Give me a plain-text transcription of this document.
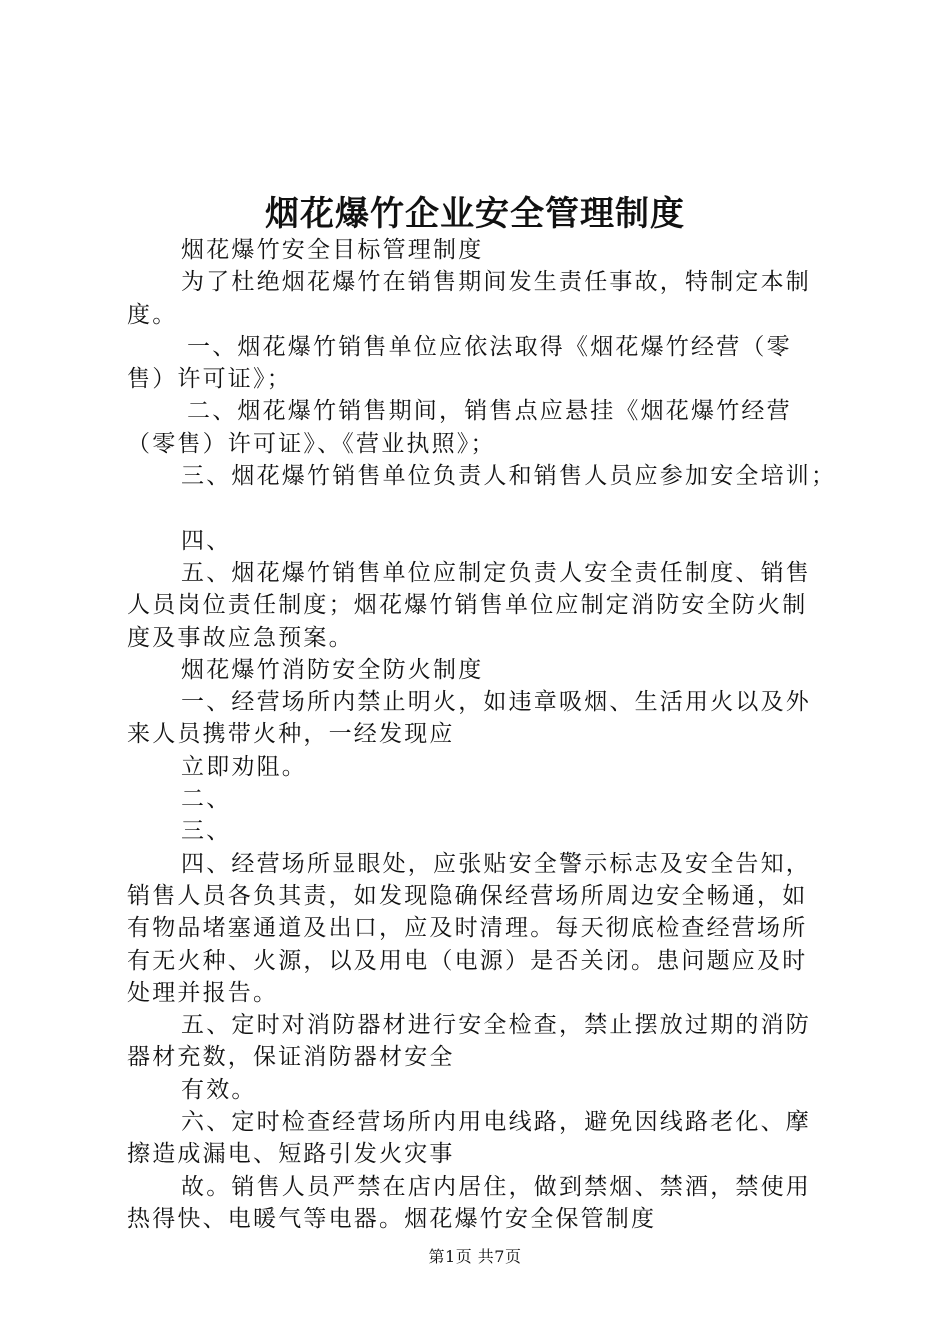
烟花爆竹企业安全管理制度
烟花爆竹安全目标管理制度
为了杜绝烟花爆竹在销售期间发生责任事故，特制定本制
度。
一、烟花爆竹销售单位应依法取得《烟花爆竹经营（零
售）许可证》；
二、烟花爆竹销售期间，销售点应悬挂《烟花爆竹经营
（零售）许可证》、《营业执照》；
三、烟花爆竹销售单位负责人和销售人员应参加安全培训；
四、
五、烟花爆竹销售单位应制定负责人安全责任制度、销售
人员岗位责任制度；烟花爆竹销售单位应制定消防安全防火制
度及事故应急预案。
烟花爆竹消防安全防火制度
一、经营场所内禁止明火，如违章吸烟、生活用火以及外
来人员携带火种，一经发现应
立即劝阻。
二、
三、
四、经营场所显眼处，应张贴安全警示标志及安全告知，
销售人员各负其责，如发现隐确保经营场所周边安全畅通，如
有物品堵塞通道及出口，应及时清理。每天彻底检查经营场所
有无火种、火源，以及用电（电源）是否关闭。患问题应及时
处理并报告。
五、定时对消防器材进行安全检查，禁止摆放过期的消防
器材充数，保证消防器材安全
有效。
六、定时检查经营场所内用电线路，避免因线路老化、摩
擦造成漏电、短路引发火灾事
故。销售人员严禁在店内居住，做到禁烟、禁酒，禁使用
热得快、电暖气等电器。烟花爆竹安全保管制度
第1页 共7页
